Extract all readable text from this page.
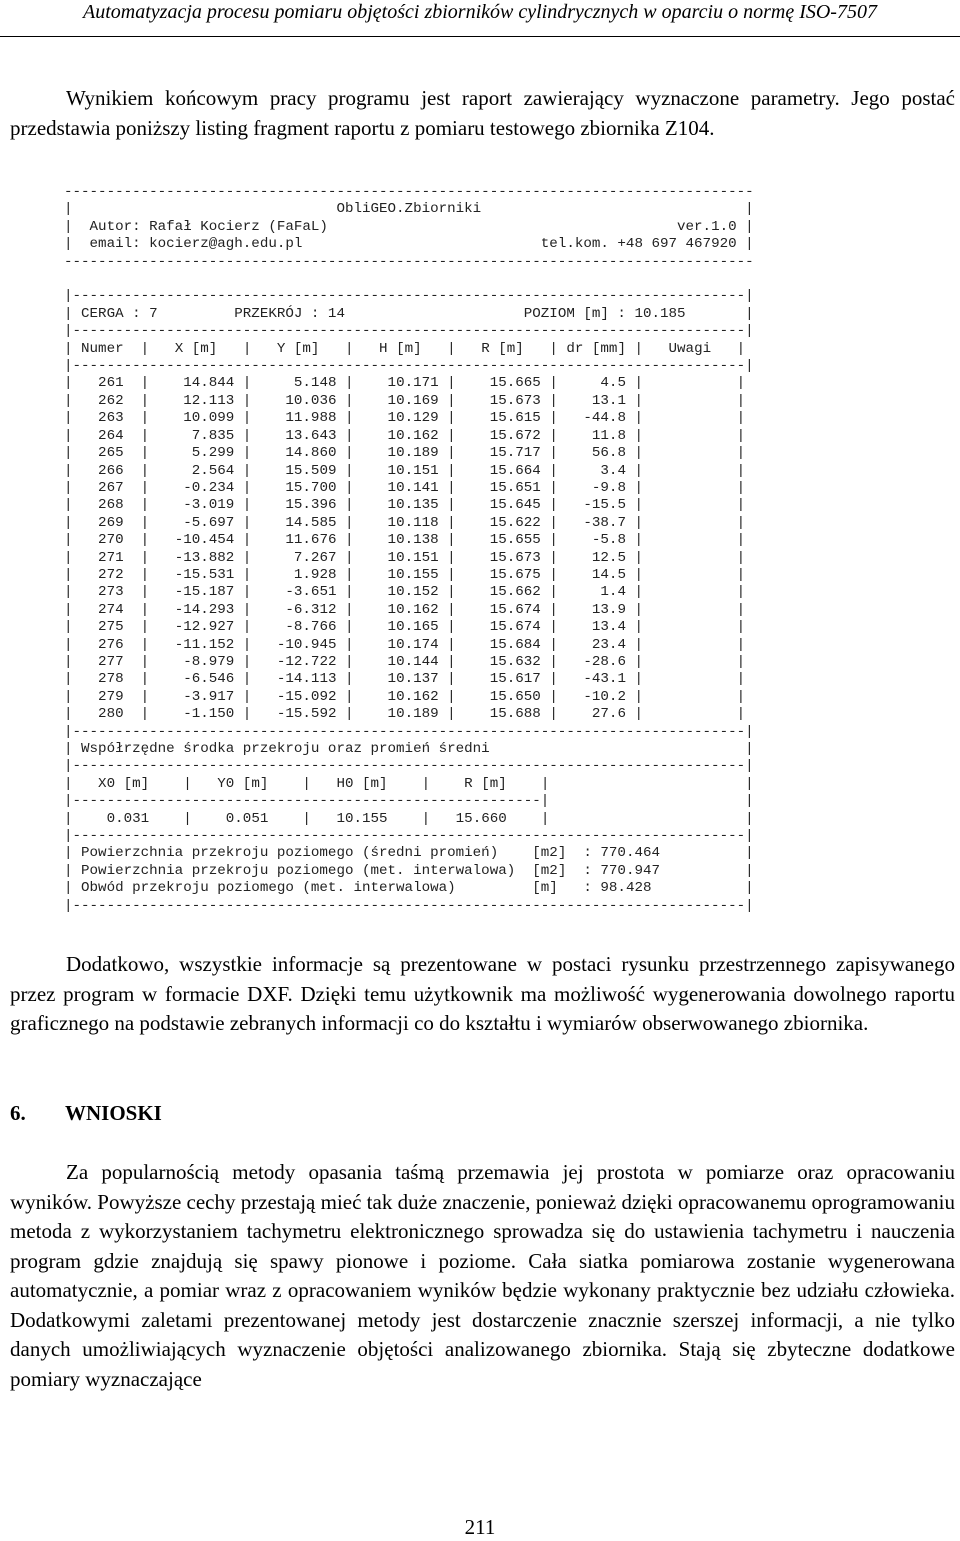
Automatyzacja procesu pomiaru objętości zbiorników cylindrycznych w oparciu o normę ISO-7507

Wynikiem końcowym pracy programu jest raport zawierający wyznaczone parametry. Jego postać przedstawia poniższy listing fragment raportu z pomiaru testowego zbiornika Z104.

---------------------------------------------------------------------------------
|                               ObliGEO.Zbiorniki                               |
|  Autor: Rafał Kocierz (FaFaL)	ver.1.0 |
|  email: kocierz@agh.edu.pl	tel.kom. +48 697 467920 |
---------------------------------------------------------------------------------

|-------------------------------------------------------------------------------|
| CERGA : 7	PRZEKRÓJ : 14	POZIOM [m] : 10.185	|
|-------------------------------------------------------------------------------|
| Numer  |   X [m]   |   Y [m]   |   H [m]   |   R [m]   | dr [mm] |   Uwagi   |
|-------------------------------------------------------------------------------|
|   261  |    14.844 |     5.148 |    10.171 |    15.665 |     4.5 |	|
|   262  |    12.113 |    10.036 |    10.169 |    15.673 |    13.1 |	|
|   263  |    10.099 |    11.988 |    10.129 |    15.615 |   -44.8 |	|
|   264  |     7.835 |    13.643 |    10.162 |    15.672 |    11.8 |	|
|   265  |     5.299 |    14.860 |    10.189 |    15.717 |    56.8 |	|
|   266  |     2.564 |    15.509 |    10.151 |    15.664 |     3.4 |	|
|   267  |    -0.234 |    15.700 |    10.141 |    15.651 |    -9.8 |	|
|   268  |    -3.019 |    15.396 |    10.135 |    15.645 |   -15.5 |	|
|   269  |    -5.697 |    14.585 |    10.118 |    15.622 |   -38.7 |	|
|   270  |   -10.454 |    11.676 |    10.138 |    15.655 |    -5.8 |	|
|   271  |   -13.882 |     7.267 |    10.151 |    15.673 |    12.5 |	|
|   272  |   -15.531 |     1.928 |    10.155 |    15.675 |    14.5 |	|
|   273  |   -15.187 |    -3.651 |    10.152 |    15.662 |     1.4 |	|
|   274  |   -14.293 |    -6.312 |    10.162 |    15.674 |    13.9 |	|
|   275  |   -12.927 |    -8.766 |    10.165 |    15.674 |    13.4 |	|
|   276  |   -11.152 |   -10.945 |    10.174 |    15.684 |    23.4 |	|
|   277  |    -8.979 |   -12.722 |    10.144 |    15.632 |   -28.6 |	|
|   278  |    -6.546 |   -14.113 |    10.137 |    15.617 |   -43.1 |	|
|   279  |    -3.917 |   -15.092 |    10.162 |    15.650 |   -10.2 |	|
|   280  |    -1.150 |   -15.592 |    10.189 |    15.688 |    27.6 |	|
|-------------------------------------------------------------------------------|
| Współrzędne środka przekroju oraz promień średni                              |
|-------------------------------------------------------------------------------|
|   X0 [m]    |   Y0 [m]    |   H0 [m]    |    R [m]    |                       |
|-------------------------------------------------------|                       |
|    0.031    |    0.051    |   10.155    |   15.660    |                       |
|-------------------------------------------------------------------------------|
| Powierzchnia przekroju poziomego (średni promień)    [m2]  : 770.464          |
| Powierzchnia przekroju poziomego (met. interwalowa)  [m2]  : 770.947          |
| Obwód przekroju poziomego (met. interwalowa)         [m]   : 98.428           |
|-------------------------------------------------------------------------------|

Dodatkowo, wszystkie informacje są prezentowane w postaci rysunku przestrzennego zapisywanego przez program w formacie DXF. Dzięki temu użytkownik ma możliwość wygenerowania dowolnego raportu graficznego na podstawie zebranych informacji co do kształtu i wymiarów obserwowanego zbiornika.

6. WNIOSKI

Za popularnością metody opasania taśmą przemawia jej prostota w pomiarze oraz opracowaniu wyników. Powyższe cechy przestają mieć tak duże znaczenie, ponieważ dzięki opracowanemu oprogramowaniu metoda z wykorzystaniem tachymetru elektronicznego sprowadza się do ustawienia tachymetru i nauczenia program gdzie znajdują się spawy pionowe i poziome. Cała siatka pomiarowa zostanie wygenerowana automatycznie, a pomiar wraz z opracowaniem wyników będzie wykonany praktycznie bez udziału człowieka. Dodatkowymi zaletami prezentowanej metody jest dostarczenie znacznie szerszej informacji, a nie tylko danych umożliwiających wyznaczenie objętości analizowanego zbiornika. Stają się zbyteczne dodatkowe pomiary wyznaczające

211
